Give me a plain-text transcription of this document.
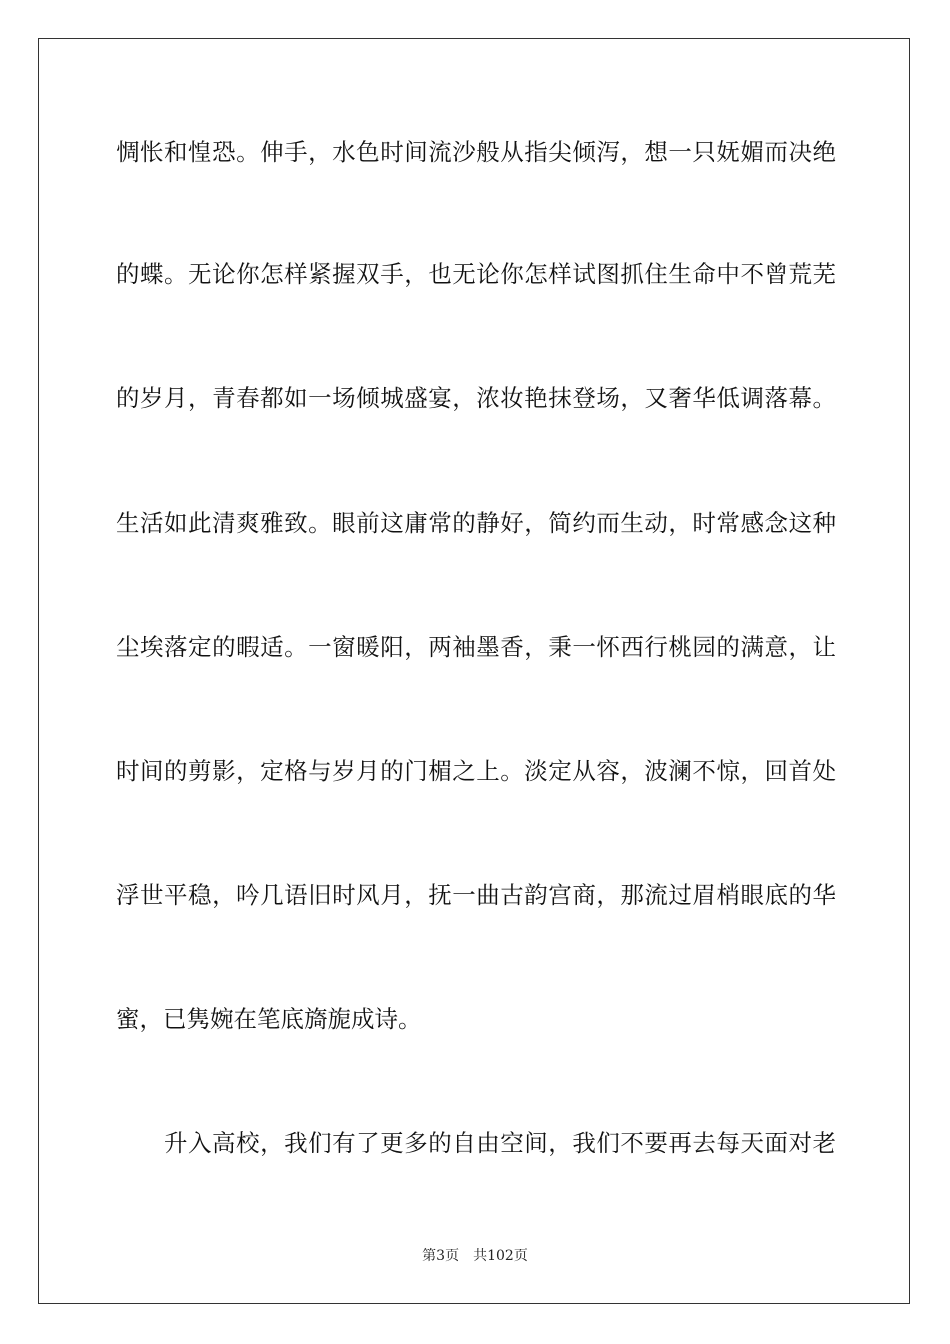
惆怅和惶恐。伸手，水色时间流沙般从指尖倾泻，想一只妩媚而决绝
的蝶。无论你怎样紧握双手，也无论你怎样试图抓住生命中不曾荒芜
的岁月，青春都如一场倾城盛宴，浓妆艳抹登场，又奢华低调落幕。
生活如此清爽雅致。眼前这庸常的静好，简约而生动，时常感念这种
尘埃落定的暇适。一窗暖阳，两袖墨香，秉一怀西行桃园的满意，让
时间的剪影，定格与岁月的门楣之上。淡定从容，波澜不惊，回首处
浮世平稳，吟几语旧时风月，抚一曲古韵宫商，那流过眉梢眼底的华
蜜，已隽婉在笔底旖旎成诗。
升入高校，我们有了更多的自由空间，我们不要再去每天面对老
第3页 共102页
